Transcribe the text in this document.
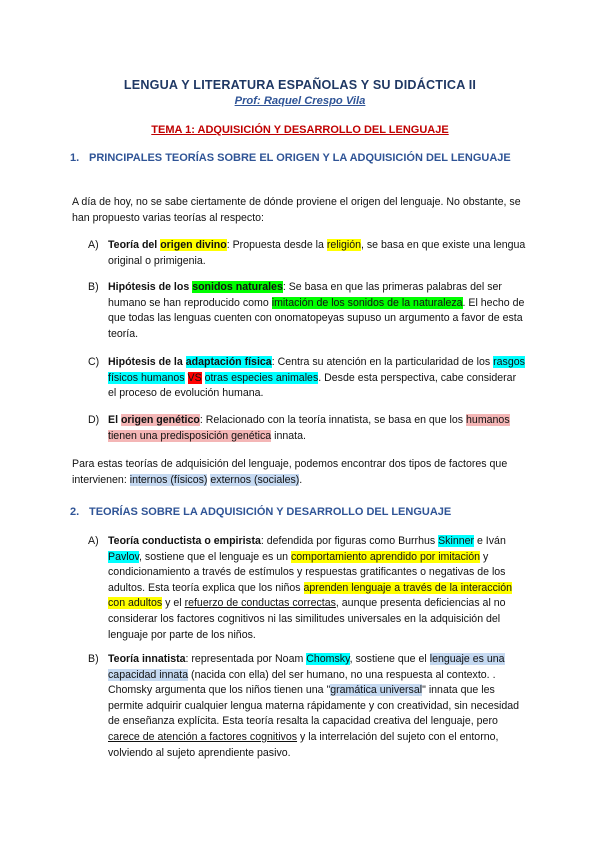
LENGUA Y LITERATURA ESPAÑOLAS Y SU DIDÁCTICA II
Prof: Raquel Crespo Vila
TEMA 1: ADQUISICIÓN Y DESARROLLO DEL LENGUAJE
1. PRINCIPALES TEORÍAS SOBRE EL ORIGEN Y LA ADQUISICIÓN DEL LENGUAJE

A día de hoy, no se sabe ciertamente de dónde proviene el origen del lenguaje. No obstante, se han propuesto varias teorías al respecto:

A) Teoría del origen divino: Propuesta desde la religión, se basa en que existe una lengua original o primigenia.
B) Hipótesis de los sonidos naturales: Se basa en que las primeras palabras del ser humano se han reproducido como imitación de los sonidos de la naturaleza. El hecho de que todas las lenguas cuenten con onomatopeyas supuso un argumento a favor de esta teoría.
C) Hipótesis de la adaptación física: Centra su atención en la particularidad de los rasgos físicos humanos VS otras especies animales. Desde esta perspectiva, cabe considerar el proceso de evolución humana.
D) El origen genético: Relacionado con la teoría innatista, se basa en que los humanos tienen una predisposición genética innata.

Para estas teorías de adquisición del lenguaje, podemos encontrar dos tipos de factores que intervienen: internos (físicos) externos (sociales).

2. TEORÍAS SOBRE LA ADQUISICIÓN Y DESARROLLO DEL LENGUAJE
A) Teoría conductista o empirista: defendida por figuras como Burrhus Skinner e Iván Pavlov, sostiene que el lenguaje es un comportamiento aprendido por imitación y condicionamiento a través de estímulos y respuestas gratificantes o negativas de los adultos. Esta teoría explica que los niños aprenden lenguaje a través de la interacción con adultos y el refuerzo de conductas correctas, aunque presenta deficiencias al no considerar los factores cognitivos ni las similitudes universales en la adquisición del lenguaje por parte de los niños.
B) Teoría innatista: representada por Noam Chomsky, sostiene que el lenguaje es una capacidad innata (nacida con ella) del ser humano, no una respuesta al contexto. . Chomsky argumenta que los niños tienen una "gramática universal" innata que les permite adquirir cualquier lengua materna rápidamente y con creatividad, sin necesidad de enseñanza explícita. Esta teoría resalta la capacidad creativa del lenguaje, pero carece de atención a factores cognitivos y la interrelación del sujeto con el entorno, volviendo al sujeto aprendiente pasivo.
